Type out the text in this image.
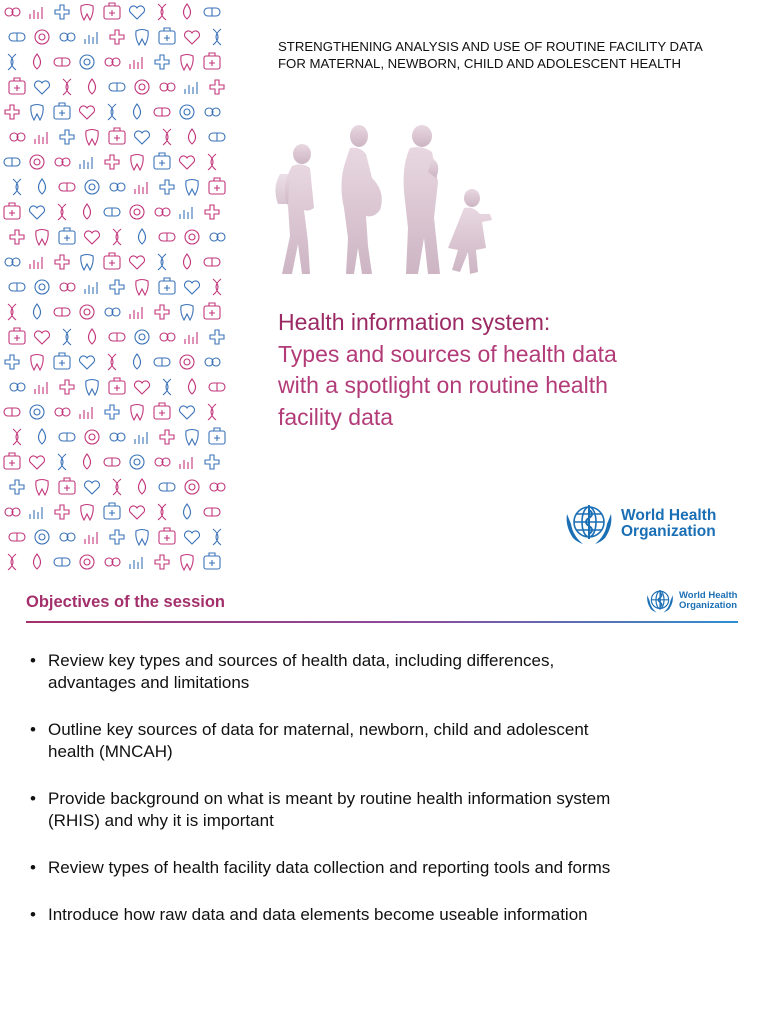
STRENGTHENING ANALYSIS AND USE OF ROUTINE FACILITY DATA
FOR MATERNAL, NEWBORN, CHILD AND ADOLESCENT HEALTH
Health information system:
Types and sources of health data
with a spotlight on routine health
facility data
World Health
Organization
Objectives of the session	World Health
Organization
• Review key types and sources of health data, including differences,
advantages and limitations
• Outline key sources of data for maternal, newborn, child and adolescent
health (MNCAH)
• Provide background on what is meant by routine health information system
(RHIS) and why it is important
• Review types of health facility data collection and reporting tools and forms
• Introduce how raw data and data elements become useable information
